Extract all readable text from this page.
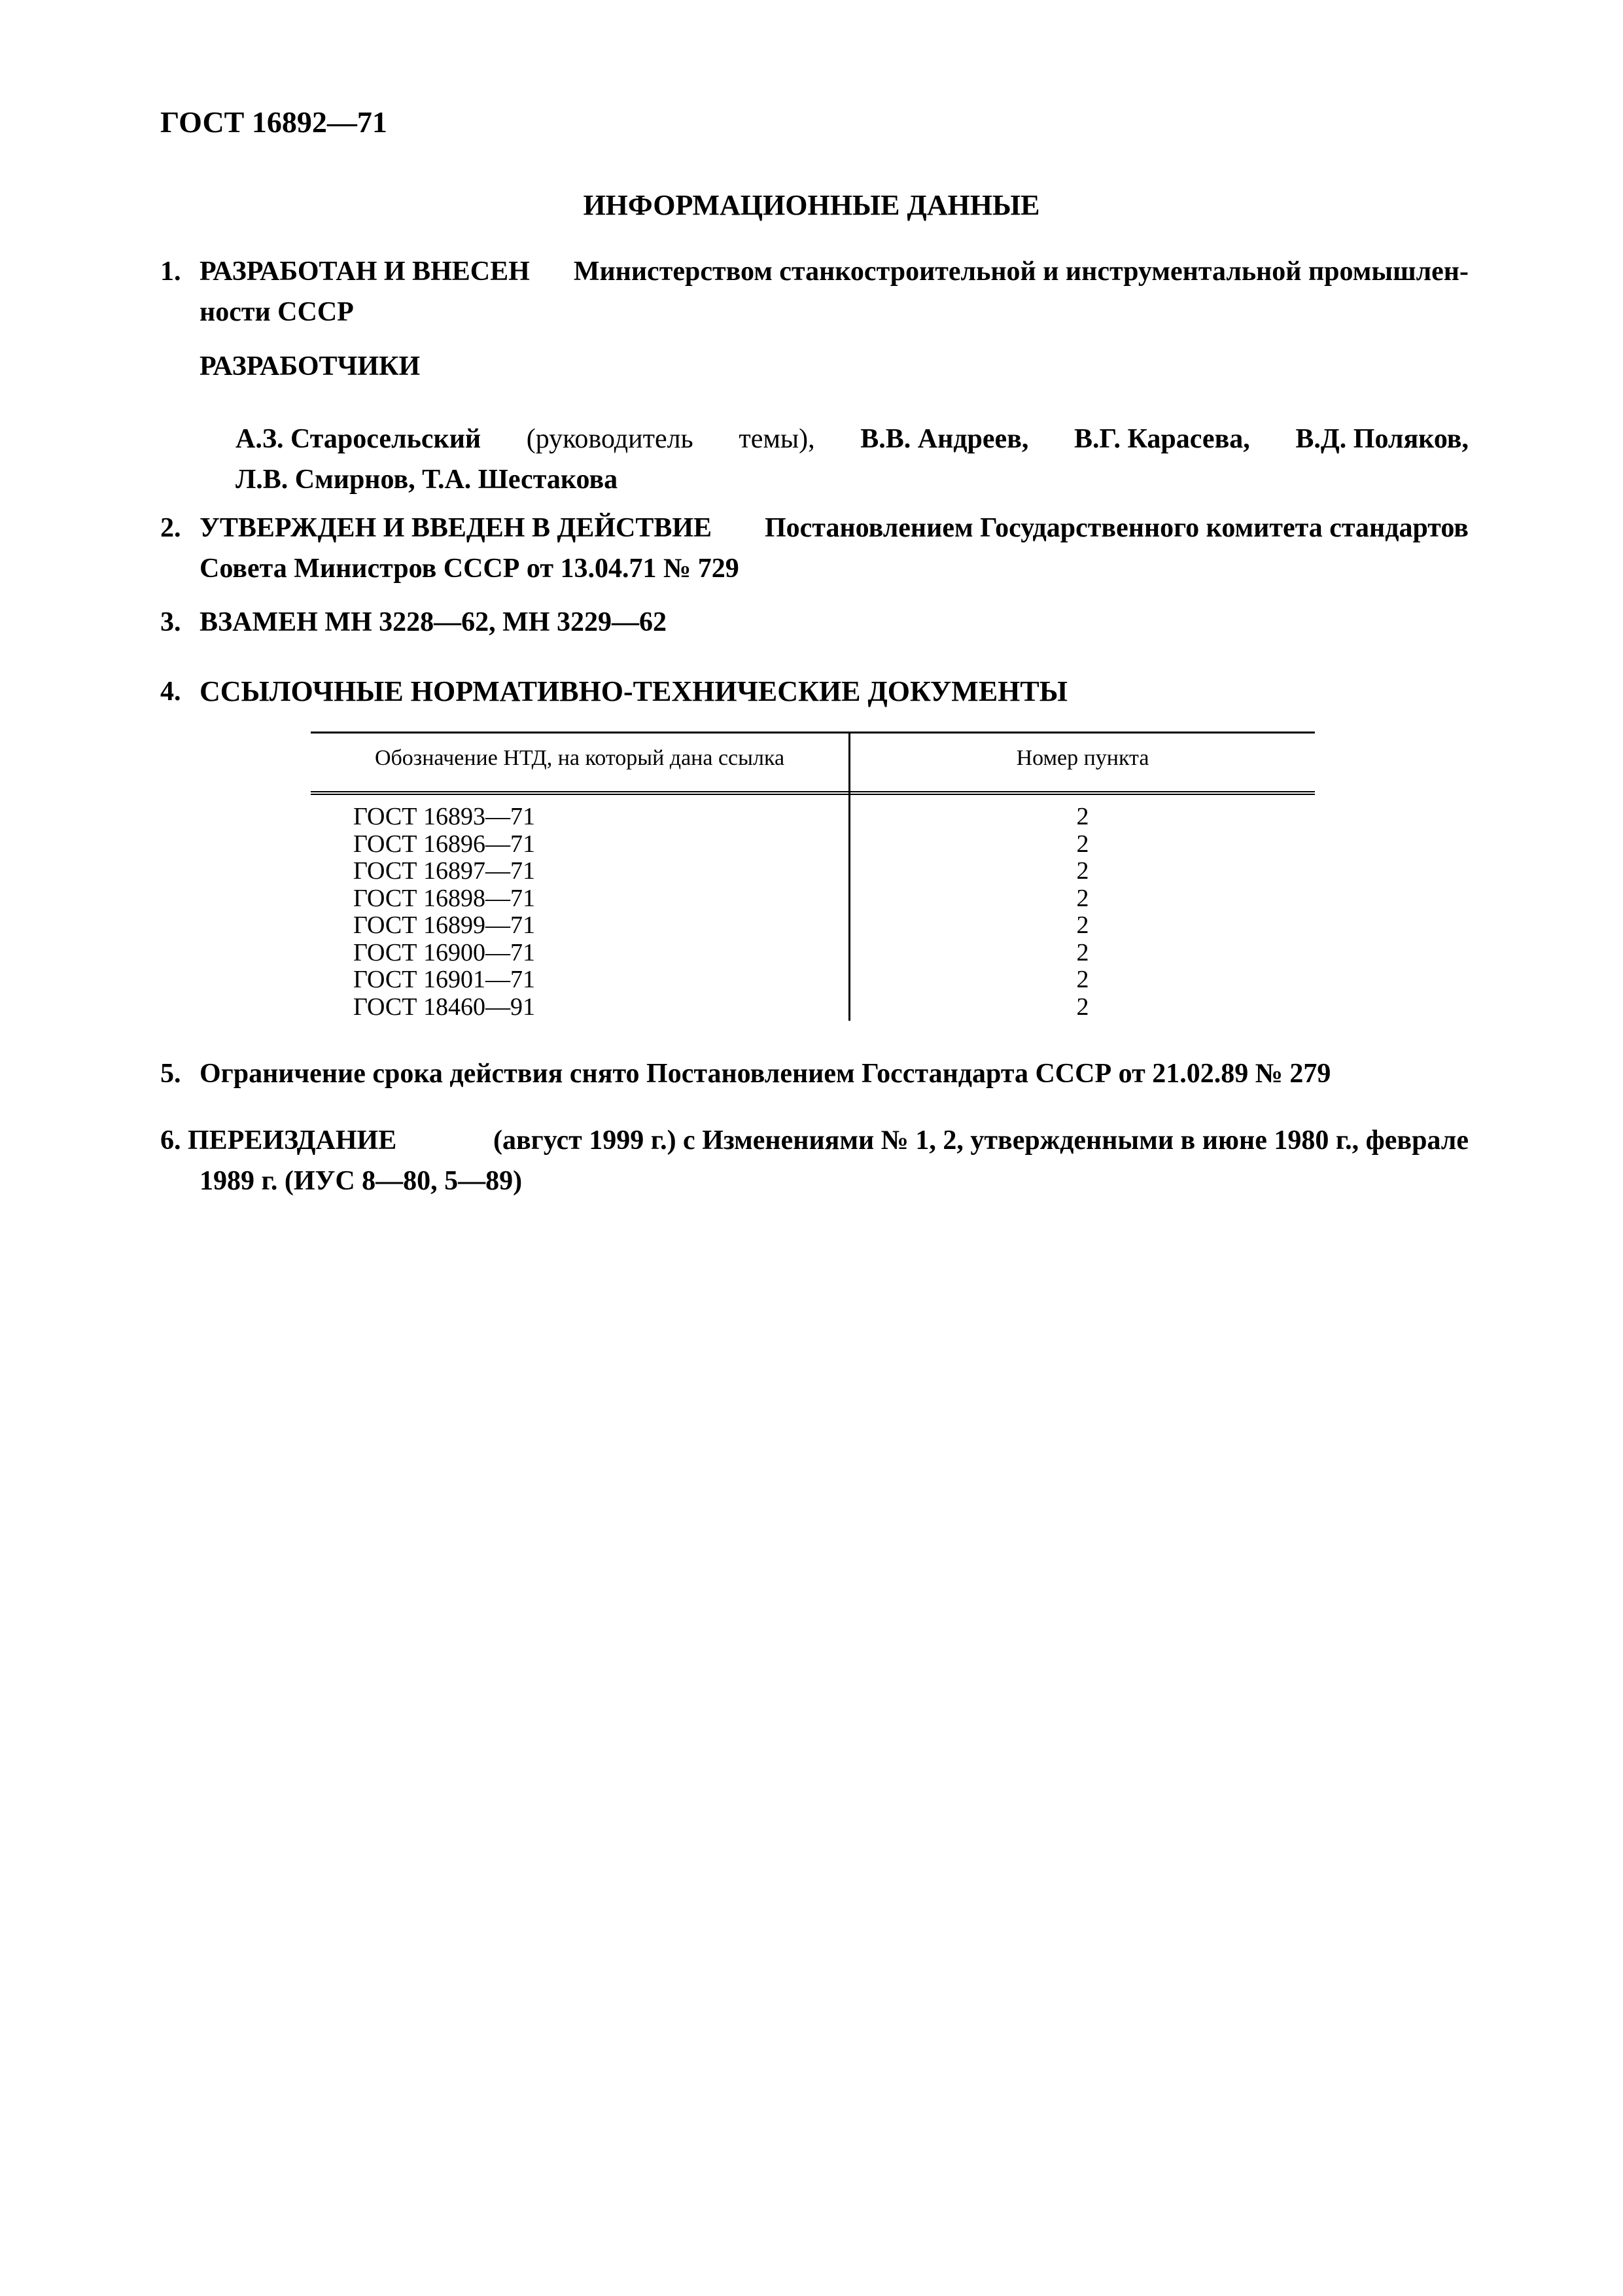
ГОСТ 16892—71
ИНФОРМАЦИОННЫЕ ДАННЫЕ
1. РАЗРАБОТАН И ВНЕСЕН Министерством станкостроительной и инструментальной промышлен-
ности СССР
РАЗРАБОТЧИКИ
А.З. Старосельский (руководитель темы), В.В. Андреев, В.Г. Карасева, В.Д. Поляков,
Л.В. Смирнов, Т.А. Шестакова
2. УТВЕРЖДЕН И ВВЕДЕН В ДЕЙСТВИЕ Постановлением Государственного комитета стандартов
Совета Министров СССР от 13.04.71 № 729
3. ВЗАМЕН МН 3228—62, МН 3229—62
4. ССЫЛОЧНЫЕ НОРМАТИВНО-ТЕХНИЧЕСКИЕ ДОКУМЕНТЫ
Обозначение НТД, на который дана ссылка	Номер пункта
ГОСТ 16893—71	2
ГОСТ 16896—71	2
ГОСТ 16897—71	2
ГОСТ 16898—71	2
ГОСТ 16899—71	2
ГОСТ 16900—71	2
ГОСТ 16901—71	2
ГОСТ 18460—91	2
5. Ограничение срока действия снято Постановлением Госстандарта СССР от 21.02.89 № 279
6. ПЕРЕИЗДАНИЕ	(август 1999 г.) с Изменениями № 1, 2, утвержденными в июне 1980 г., феврале
1989 г. (ИУС 8—80, 5—89)
